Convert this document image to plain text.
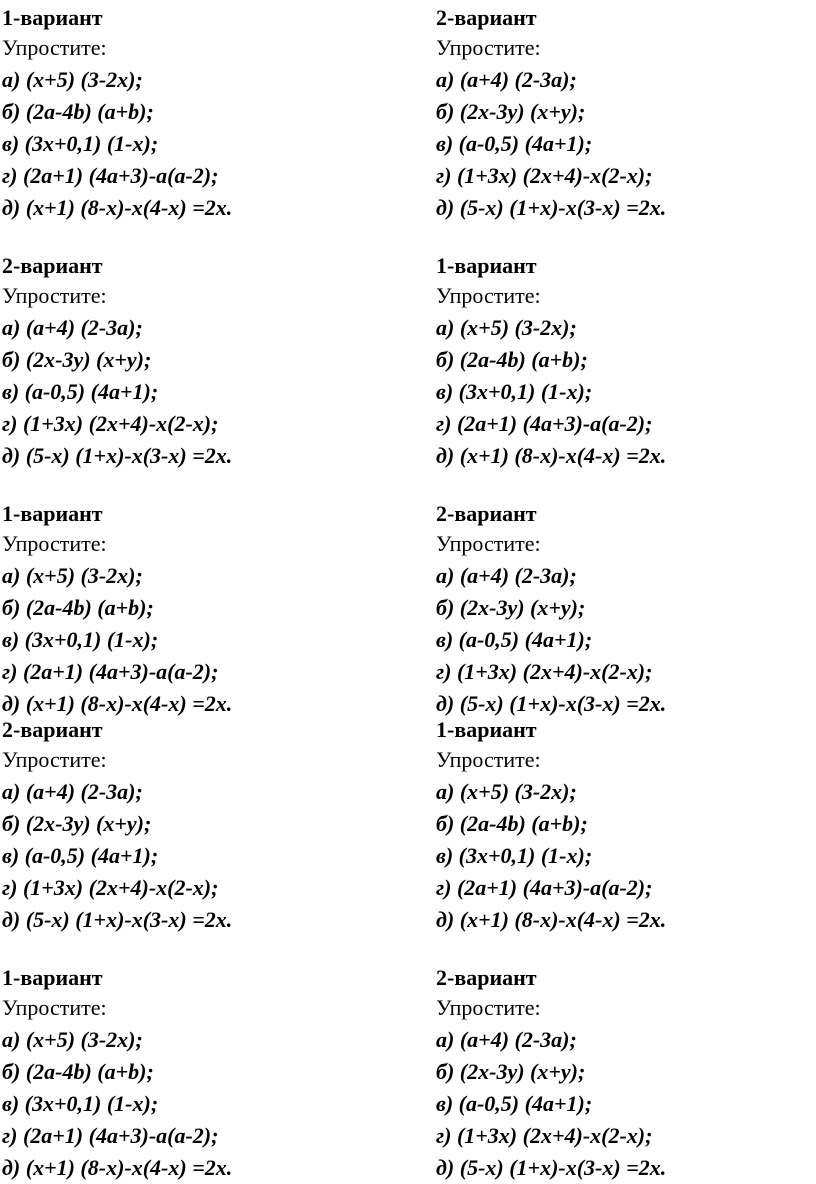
1-вариант
Упростите:
а) (x+5) (3-2x);
б) (2a-4b) (a+b);
в) (3x+0,1) (1-x);
г) (2a+1) (4a+3)-a(a-2);
д) (x+1) (8-x)-x(4-x) =2x.
2-вариант
Упростите:
а) (a+4) (2-3a);
б) (2x-3y) (x+y);
в) (a-0,5) (4a+1);
г) (1+3x) (2x+4)-x(2-x);
д) (5-x) (1+x)-x(3-x) =2x.
2-вариант
Упростите:
а) (a+4) (2-3a);
б) (2x-3y) (x+y);
в) (a-0,5) (4a+1);
г) (1+3x) (2x+4)-x(2-x);
д) (5-x) (1+x)-x(3-x) =2x.
1-вариант
Упростите:
а) (x+5) (3-2x);
б) (2a-4b) (a+b);
в) (3x+0,1) (1-x);
г) (2a+1) (4a+3)-a(a-2);
д) (x+1) (8-x)-x(4-x) =2x.
1-вариант
Упростите:
а) (x+5) (3-2x);
б) (2a-4b) (a+b);
в) (3x+0,1) (1-x);
г) (2a+1) (4a+3)-a(a-2);
д) (x+1) (8-x)-x(4-x) =2x.
2-вариант
Упростите:
а) (a+4) (2-3a);
б) (2x-3y) (x+y);
в) (a-0,5) (4a+1);
г) (1+3x) (2x+4)-x(2-x);
д) (5-x) (1+x)-x(3-x) =2x.
2-вариант
Упростите:
а) (a+4) (2-3a);
б) (2x-3y) (x+y);
в) (a-0,5) (4a+1);
г) (1+3x) (2x+4)-x(2-x);
д) (5-x) (1+x)-x(3-x) =2x.
1-вариант
Упростите:
а) (x+5) (3-2x);
б) (2a-4b) (a+b);
в) (3x+0,1) (1-x);
г) (2a+1) (4a+3)-a(a-2);
д) (x+1) (8-x)-x(4-x) =2x.
1-вариант
Упростите:
а) (x+5) (3-2x);
б) (2a-4b) (a+b);
в) (3x+0,1) (1-x);
г) (2a+1) (4a+3)-a(a-2);
д) (x+1) (8-x)-x(4-x) =2x.
2-вариант
Упростите:
а) (a+4) (2-3a);
б) (2x-3y) (x+y);
в) (a-0,5) (4a+1);
г) (1+3x) (2x+4)-x(2-x);
д) (5-x) (1+x)-x(3-x) =2x.
